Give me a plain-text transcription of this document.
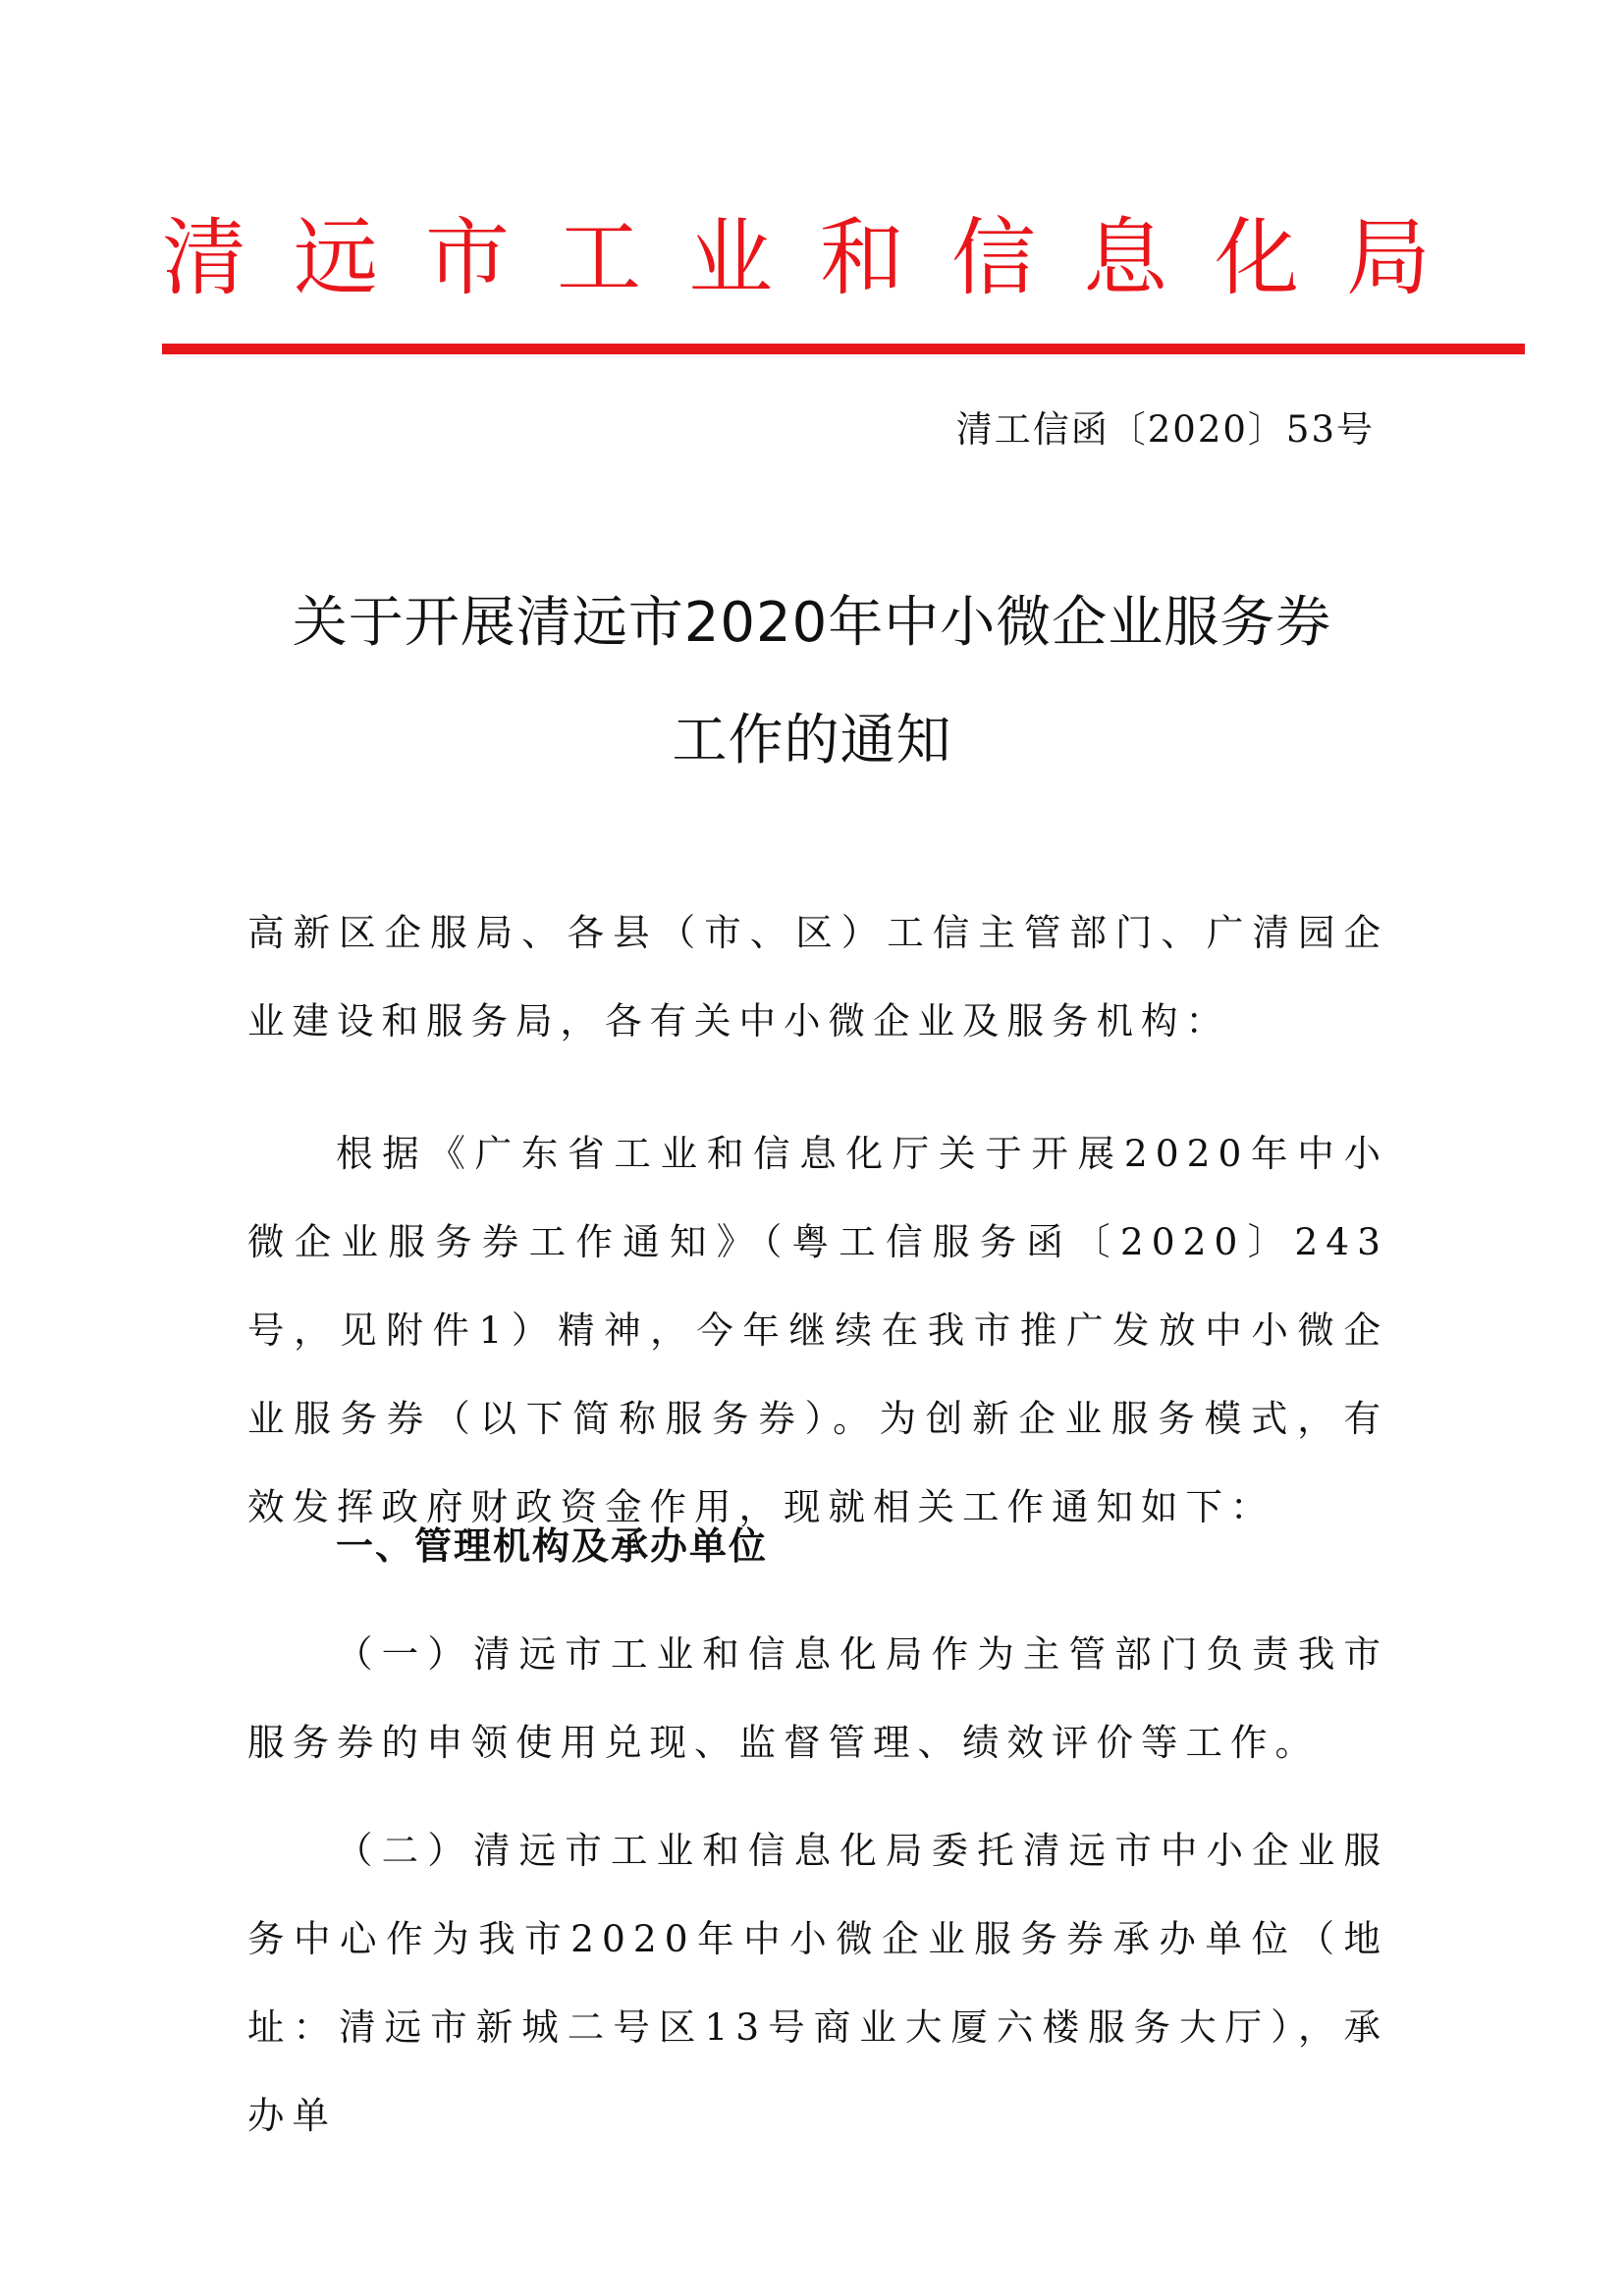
清远市工业和信息化局
清工信函〔2020〕53号
关于开展清远市2020年中小微企业服务券
工作的通知

高新区企服局、各县（市、区）工信主管部门、广清园企业建设和服务局，各有关中小微企业及服务机构：

根据《广东省工业和信息化厅关于开展2020年中小微企业服务券工作通知》（粤工信服务函〔2020〕243号，见附件1）精神，今年继续在我市推广发放中小微企业服务券（以下简称服务券）。为创新企业服务模式，有效发挥政府财政资金作用，现就相关工作通知如下：

一、管理机构及承办单位

（一）清远市工业和信息化局作为主管部门负责我市服务券的申领使用兑现、监督管理、绩效评价等工作。

（二）清远市工业和信息化局委托清远市中小企业服务中心作为我市2020年中小微企业服务券承办单位（地址：清远市新城二号区13号商业大厦六楼服务大厅），承办单
